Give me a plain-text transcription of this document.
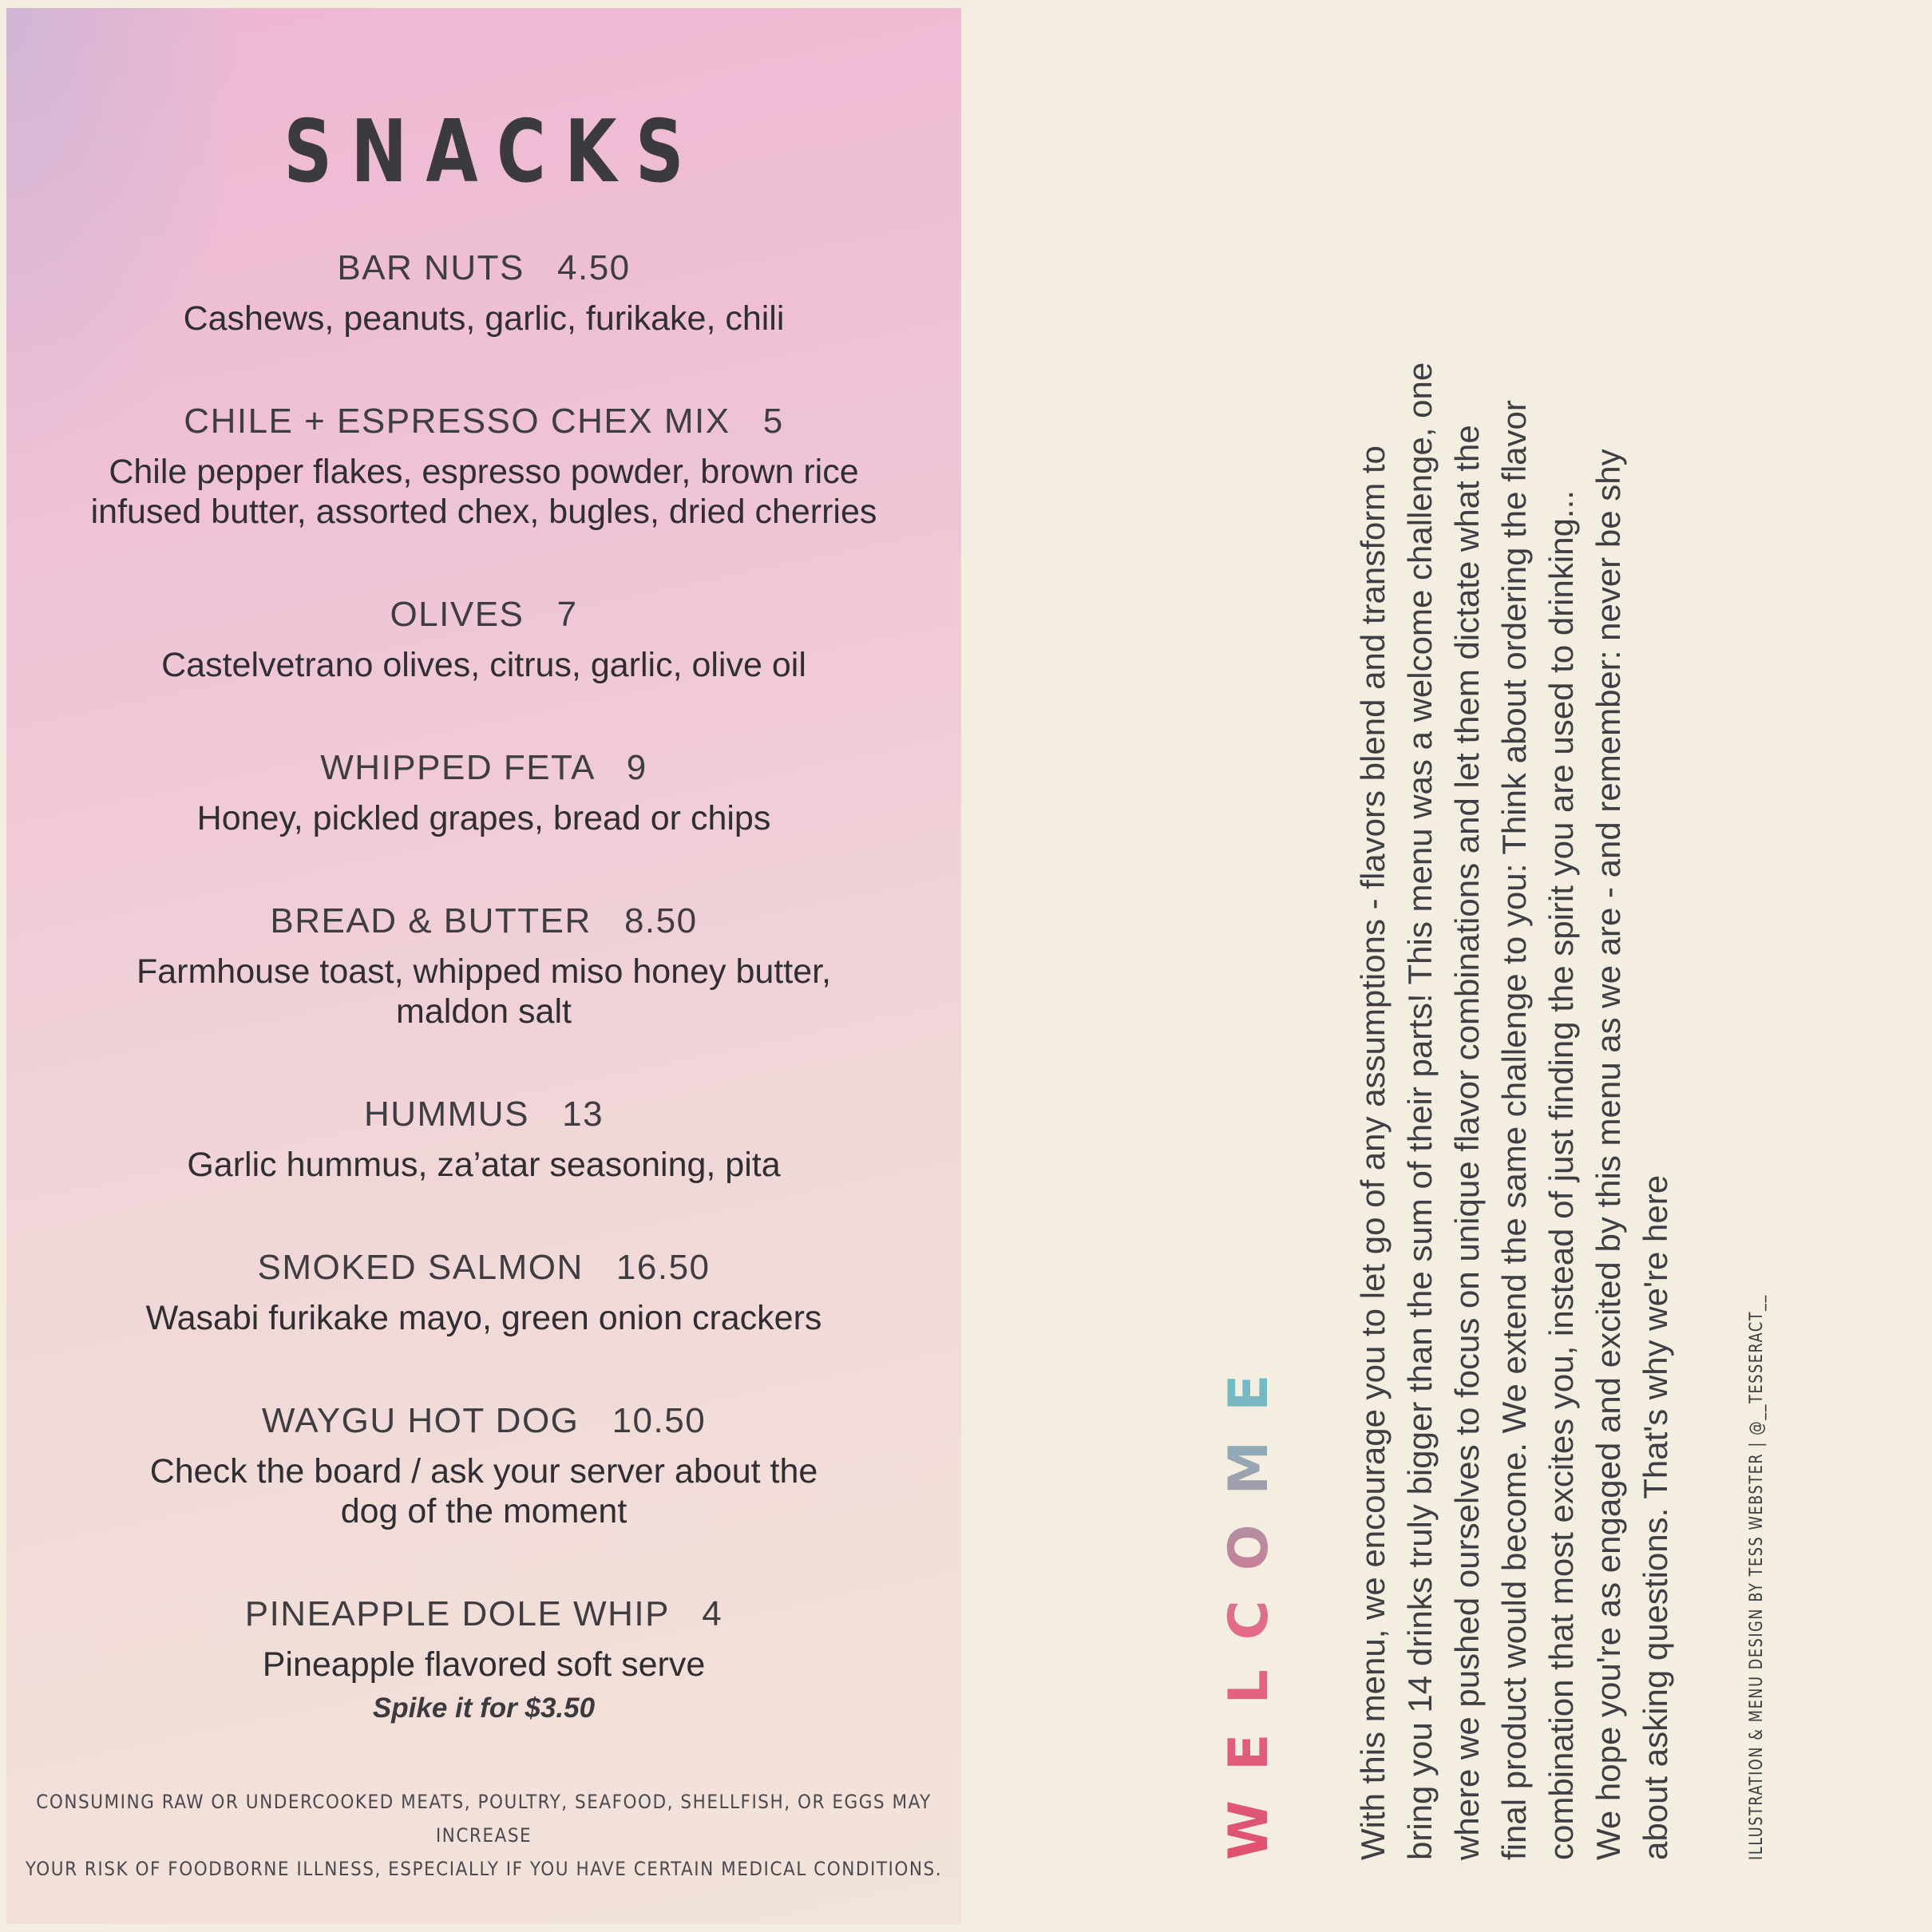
SNACKS
BAR NUTS   4.50
Cashews, peanuts, garlic, furikake, chili
CHILE + ESPRESSO CHEX MIX   5
Chile pepper flakes, espresso powder, brown rice infused butter, assorted chex, bugles, dried cherries
OLIVES   7
Castelvetrano olives, citrus, garlic, olive oil
WHIPPED FETA   9
Honey, pickled grapes, bread or chips
BREAD & BUTTER   8.50
Farmhouse toast, whipped miso honey butter, maldon salt
HUMMUS   13
Garlic hummus, za’atar seasoning, pita
SMOKED SALMON   16.50
Wasabi furikake mayo, green onion crackers
WAYGU HOT DOG   10.50
Check the board / ask your server about the dog of the moment
PINEAPPLE DOLE WHIP   4
Pineapple flavored soft serve
Spike it for $3.50
CONSUMING RAW OR UNDERCOOKED MEATS, POULTRY, SEAFOOD, SHELLFISH, OR EGGS MAY INCREASE
YOUR RISK OF FOODBORNE ILLNESS, ESPECIALLY IF YOU HAVE CERTAIN MEDICAL CONDITIONS.
WELCOME With this menu, we encourage you to let go of any assumptions - flavors blend and transform to bring you 14 drinks truly bigger than the sum of their parts! This menu was a welcome challenge, one where we pushed ourselves to focus on unique flavor combinations and let them dictate what the final product would become. We extend the same challenge to you: Think about ordering the flavor combination that most excites you, instead of just finding the spirit you are used to drinking... We hope you're as engaged and excited by this menu as we are - and remember: never be shy about asking questions. That's why we're here	ILLUSTRATION & MENU DESIGN BY TESS WEBSTER | @__TESSERACT__
